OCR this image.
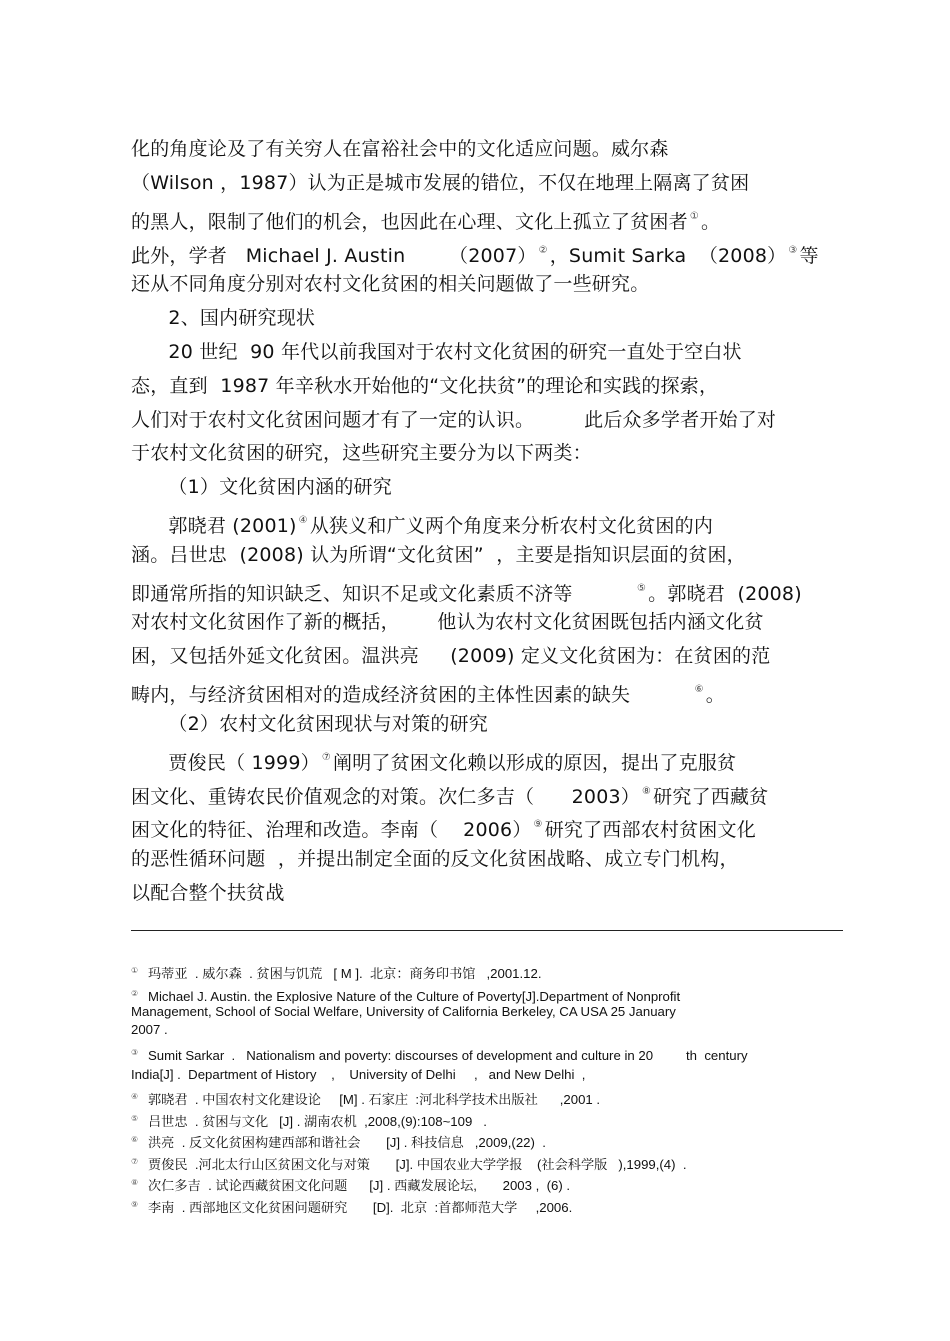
化的角度论及了有关穷人在富裕社会中的文化适应问题。威尔森
（Wilson ，1987）认为正是城市发展的错位，不仅在地理上隔离了贫困
的黑人，限制了他们的机会，也因此在心理、文化上孤立了贫困者 ① 。
此外，学者   Michael J. Austin       （2007） ② ，Sumit Sarka  （2008） ③ 等
还从不同角度分别对农村文化贫困的相关问题做了一些研究。
2、国内研究现状
20 世纪  90 年代以前我国对于农村文化贫困的研究一直处于空白状
态，直到  1987 年辛秋水开始他的“文化扶贫”的理论和实践的探索，
人们对于农村文化贫困问题才有了一定的认识。        此后众多学者开始了对
于农村文化贫困的研究，这些研究主要分为以下两类：
（1）文化贫困内涵的研究
郭晓君 (2001) ④ 从狭义和广义两个角度来分析农村文化贫困的内
涵。吕世忠  (2008) 认为所谓“文化贫困”  ，主要是指知识层面的贫困，
即通常所指的知识缺乏、知识不足或文化素质不济等          ⑤ 。郭晓君  (2008)
对农村文化贫困作了新的概括，      他认为农村文化贫困既包括内涵文化贫
困，又包括外延文化贫困。温洪亮     (2009) 定义文化贫困为：在贫困的范
畴内，与经济贫困相对的造成经济贫困的主体性因素的缺失          ⑥ 。
（2）农村文化贫困现状与对策的研究
贾俊民（ 1999） ⑦ 阐明了贫困文化赖以形成的原因，提出了克服贫
困文化、重铸农民价值观念的对策。次仁多吉（      2003） ⑧ 研究了西藏贫
困文化的特征、治理和改造。李南（    2006） ⑨ 研究了西部农村贫困文化
的恶性循环问题  ，并提出制定全面的反文化贫困战略、成立专门机构，
以配合整个扶贫战
① 玛蒂亚  . 威尔森  . 贫困与饥荒   [ M ].  北京：商务印书馆   ,2001.12.
② Michael J. Austin. the Explosive Nature of the Culture of Poverty[J].Department of Nonprofit
Management, School of Social Welfare, University of California Berkeley, CA USA 25 January
2007 .
③ Sumit Sarkar  .   Nationalism and poverty: discourses of development and culture in 20         th  century
India[J] .  Department of History    ,    University of Delhi     ,   and New Delhi  ,
④ 郭晓君  . 中国农村文化建设论     [M] . 石家庄  :河北科学技术出版社      ,2001 .
⑤ 吕世忠  . 贫困与文化   [J] . 湖南农机  ,2008,(9):108~109   .
⑥ 洪亮  . 反文化贫困构建西部和谐社会       [J] . 科技信息   ,2009,(22)  .
⑦ 贾俊民  .河北太行山区贫困文化与对策       [J]. 中国农业大学学报    (社会科学版   ),1999,(4)  .
⑧ 次仁多吉  . 试论西藏贫困文化问题      [J] . 西藏发展论坛,       2003 ,  (6) .
⑨ 李南  . 西部地区文化贫困问题研究       [D].  北京  :首都师范大学     ,2006.
